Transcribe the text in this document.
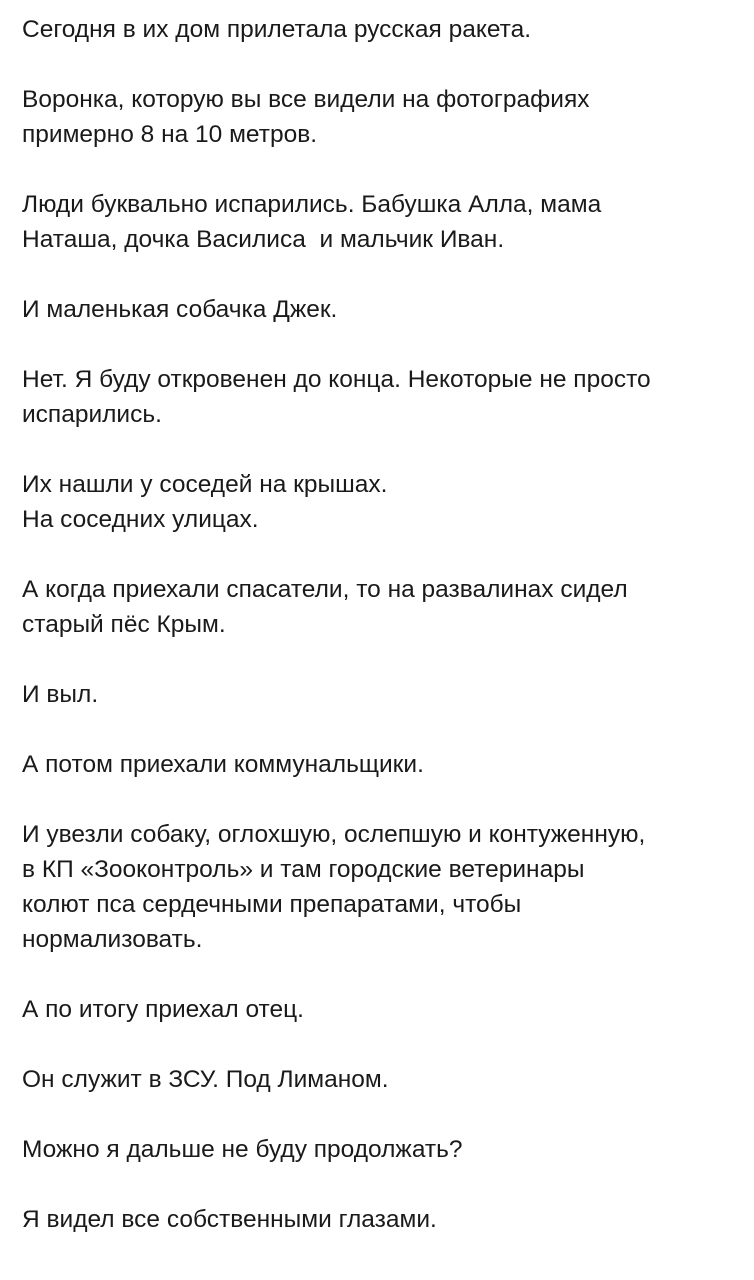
Сегодня в их дом прилетала русская ракета.

Воронка, которую вы все видели на фотографиях
примерно 8 на 10 метров.

Люди буквально испарились. Бабушка Алла, мама
Наташа, дочка Василиса  и мальчик Иван.

И маленькая собачка Джек.

Нет. Я буду откровенен до конца. Некоторые не просто
испарились.

Их нашли у соседей на крышах.
На соседних улицах.

А когда приехали спасатели, то на развалинах сидел
старый пёс Крым.

И выл.

А потом приехали коммунальщики.

И увезли собаку, оглохшую, ослепшую и контуженную,
в КП «Зооконтроль» и там городские ветеринары
колют пса сердечными препаратами, чтобы
нормализовать.

А по итогу приехал отец.

Он служит в ЗСУ. Под Лиманом.

Можно я дальше не буду продолжать?

Я видел все собственными глазами.
